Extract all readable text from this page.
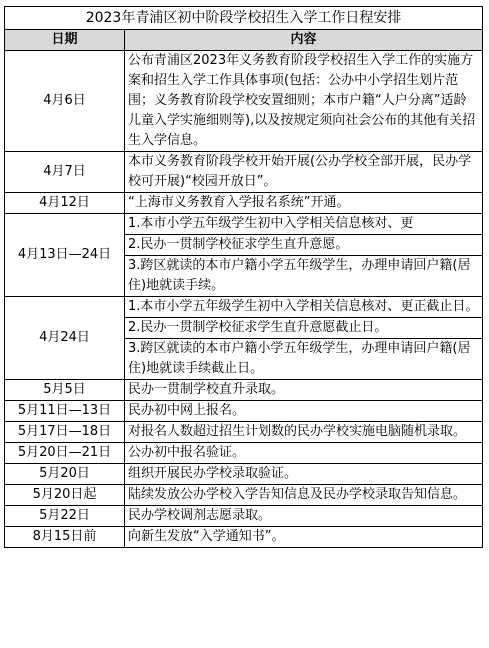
2023年青浦区初中阶段学校招生入学工作日程安排	
日期	内容
4月6日	公布青浦区2023年义务教育阶段学校招生入学工作的实施方案和招生入学工作具体事项(包括：公办中小学招生划片范围；义务教育阶段学校安置细则；本市户籍“人户分离”适龄儿童入学实施细则等),以及按规定须向社会公布的其他有关招生入学信息。

4月7日	本市义务教育阶段学校开始开展(公办学校全部开展，民办学校可开展)“校园开放日”。

4月12日	“上海市义务教育入学报名系统”开通。

4月13日—24日	1.本市小学五年级学生初中入学相关信息核对、更
2.民办一贯制学校征求学生直升意愿。
3.跨区就读的本市户籍小学五年级学生，办理申请回户籍(居住)地就读手续。

4月24日	1.本市小学五年级学生初中入学相关信息核对、更正截止日。
2.民办一贯制学校征求学生直升意愿截止日。
3.跨区就读的本市户籍小学五年级学生，办理申请回户籍(居住)地就读手续截止日。

5月5日	民办一贯制学校直升录取。

5月11日—13日	民办初中网上报名。

5月17日—18日	对报名人数超过招生计划数的民办学校实施电脑随机录取。

5月20日—21日	公办初中报名验证。

5月20日	组织开展民办学校录取验证。

5月20日起	陆续发放公办学校入学告知信息及民办学校录取告知信息。

5月22日	民办学校调剂志愿录取。

8月15日前	向新生发放“入学通知书”。
